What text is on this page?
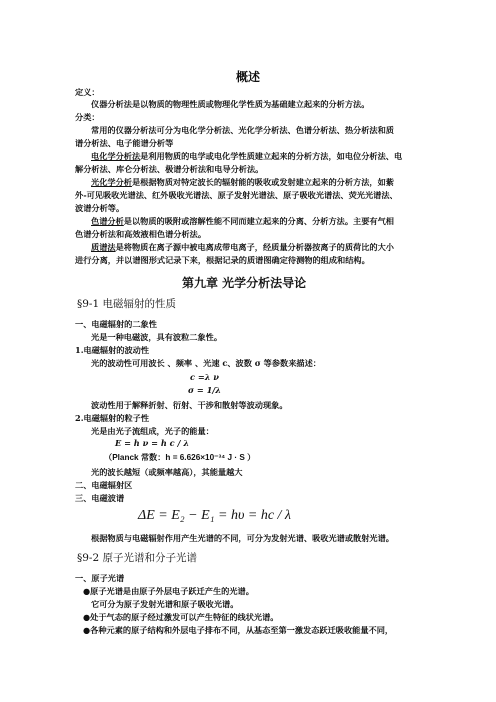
概述
定义：
仪器分析法是以物质的物理性质或物理化学性质为基础建立起来的分析方法。
分类：
常用的仪器分析法可分为电化学分析法、光化学分析法、色谱分析法、热分析法和质
谱分析法、电子能谱分析等
电化学分析法是利用物质的电学或电化学性质建立起来的分析方法，如电位分析法、电
解分析法、库仑分析法、极谱分析法和电导分析法。
光化学分析是根据物质对特定波长的辐射能的吸收或发射建立起来的分析方法，如紫
外-可见吸收光谱法、红外吸收光谱法、原子发射光谱法、原子吸收光谱法、荧光光谱法、
波谱分析等。
色谱分析是以物质的吸附或溶解性能不同而建立起来的分离、分析方法。主要有气相
色谱分析法和高效液相色谱分析法。
质谱法是将物质在离子源中被电离成带电离子，经质量分析器按离子的质荷比的大小
进行分离，并以谱图形式记录下来，根据记录的质谱图确定待测物的组成和结构。
第九章 光学分析法导论
§9-1 电磁辐射的性质
一、电磁辐射的二象性
光是一种电磁波，具有波粒二象性。
1.电磁辐射的波动性
光的波动性可用波长 、频率 、光速 c、波数 σ 等参数来描述：
c =λ ν
σ = 1/λ
波动性用于解释折射、衍射、干涉和散射等波动现象。
2.电磁辐射的粒子性
光是由光子流组成，光子的能量：
E = h ν = h c / λ
（Planck 常数：h = 6.626×10⁻³⁴ J · S ）
光的波长越短（或频率越高），其能量越大
二、电磁辐射区
三、电磁波谱
ΔE = E₂ − E₁ = hυ = hc / λ
根据物质与电磁辐射作用产生光谱的不同，可分为发射光谱、吸收光谱或散射光谱。
§9-2 原子光谱和分子光谱
一、原子光谱
●原子光谱是由原子外层电子跃迁产生的光谱。
它可分为原子发射光谱和原子吸收光谱。
●处于气态的原子经过激发可以产生特征的线状光谱。
●各种元素的原子结构和外层电子排布不同，从基态至第一激发态跃迁吸收能量不同，
